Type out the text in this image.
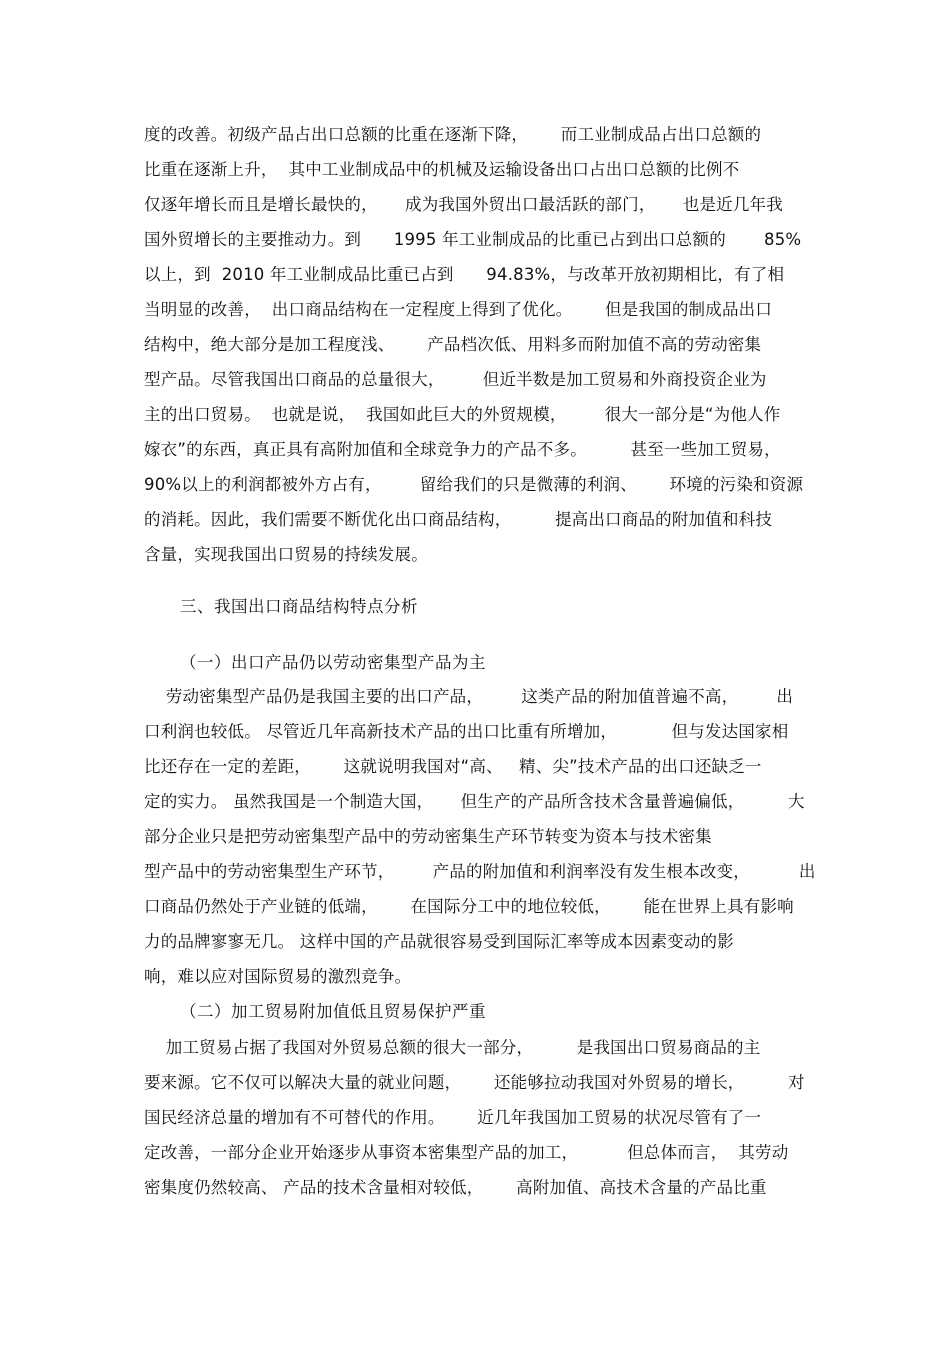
度的改善。初级产品占出口总额的比重在逐渐下降，      而工业制成品占出口总额的
比重在逐渐上升，  其中工业制成品中的机械及运输设备出口占出口总额的比例不
仅逐年增长而且是增长最快的，     成为我国外贸出口最活跃的部门，     也是近几年我
国外贸增长的主要推动力。到      1995 年工业制成品的比重已占到出口总额的       85%
以上，到  2010 年工业制成品比重已占到      94.83%，与改革开放初期相比，有了相
当明显的改善，  出口商品结构在一定程度上得到了优化。      但是我国的制成品出口
结构中，绝大部分是加工程度浅、      产品档次低、用料多而附加值不高的劳动密集
型产品。尽管我国出口商品的总量很大，       但近半数是加工贸易和外商投资企业为
主的出口贸易。  也就是说，  我国如此巨大的外贸规模，       很大一部分是“为他人作
嫁衣”的东西，真正具有高附加值和全球竞争力的产品不多。        甚至一些加工贸易，
90%以上的利润都被外方占有，       留给我们的只是微薄的利润、      环境的污染和资源
的消耗。因此，我们需要不断优化出口商品结构，        提高出口商品的附加值和科技
含量，实现我国出口贸易的持续发展。
三、我国出口商品结构特点分析
（一）出口产品仍以劳动密集型产品为主
劳动密集型产品仍是我国主要的出口产品，       这类产品的附加值普遍不高，       出
口利润也较低。 尽管近几年高新技术产品的出口比重有所增加，          但与发达国家相
比还存在一定的差距，      这就说明我国对“高、   精、尖”技术产品的出口还缺乏一
定的实力。 虽然我国是一个制造大国，     但生产的产品所含技术含量普遍偏低，        大
部分企业只是把劳动密集型产品中的劳动密集生产环节转变为资本与技术密集
型产品中的劳动密集型生产环节，       产品的附加值和利润率没有发生根本改变，         出
口商品仍然处于产业链的低端，      在国际分工中的地位较低，      能在世界上具有影响
力的品牌寥寥无几。 这样中国的产品就很容易受到国际汇率等成本因素变动的影
响，难以应对国际贸易的激烈竞争。
（二）加工贸易附加值低且贸易保护严重
加工贸易占据了我国对外贸易总额的很大一部分，        是我国出口贸易商品的主
要来源。它不仅可以解决大量的就业问题，      还能够拉动我国对外贸易的增长，        对
国民经济总量的增加有不可替代的作用。      近几年我国加工贸易的状况尽管有了一
定改善，一部分企业开始逐步从事资本密集型产品的加工，         但总体而言，  其劳动
密集度仍然较高、 产品的技术含量相对较低，      高附加值、高技术含量的产品比重
